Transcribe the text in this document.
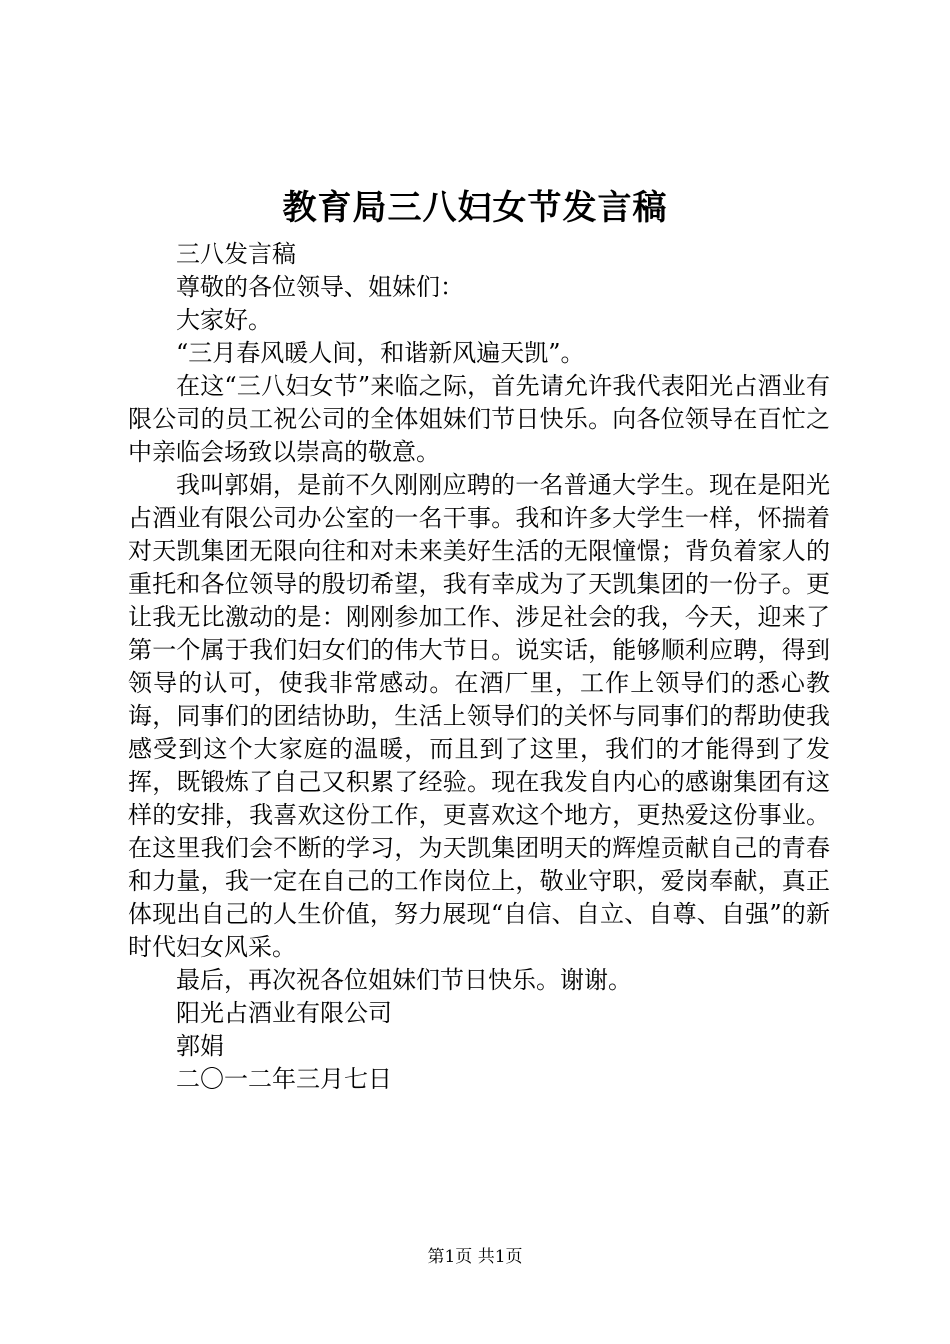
教育局三八妇女节发言稿

三八发言稿

尊敬的各位领导、姐妹们：

大家好。

“三月春风暖人间，和谐新风遍天凯”。

在这“三八妇女节”来临之际，首先请允许我代表阳光占酒业有限公司的员工祝公司的全体姐妹们节日快乐。向各位领导在百忙之中亲临会场致以崇高的敬意。

我叫郭娟，是前不久刚刚应聘的一名普通大学生。现在是阳光占酒业有限公司办公室的一名干事。我和许多大学生一样，怀揣着对天凯集团无限向往和对未来美好生活的无限憧憬；背负着家人的重托和各位领导的殷切希望，我有幸成为了天凯集团的一份子。更让我无比激动的是：刚刚参加工作、涉足社会的我，今天，迎来了第一个属于我们妇女们的伟大节日。说实话，能够顺利应聘，得到领导的认可，使我非常感动。在酒厂里，工作上领导们的悉心教诲，同事们的团结协助，生活上领导们的关怀与同事们的帮助使我感受到这个大家庭的温暖，而且到了这里，我们的才能得到了发挥，既锻炼了自己又积累了经验。现在我发自内心的感谢集团有这样的安排，我喜欢这份工作，更喜欢这个地方，更热爱这份事业。在这里我们会不断的学习，为天凯集团明天的辉煌贡献自己的青春和力量，我一定在自己的工作岗位上，敬业守职，爱岗奉献，真正体现出自己的人生价值，努力展现“自信、自立、自尊、自强”的新时代妇女风采。

最后，再次祝各位姐妹们节日快乐。谢谢。

阳光占酒业有限公司

郭娟

二〇一二年三月七日

第1页 共1页
